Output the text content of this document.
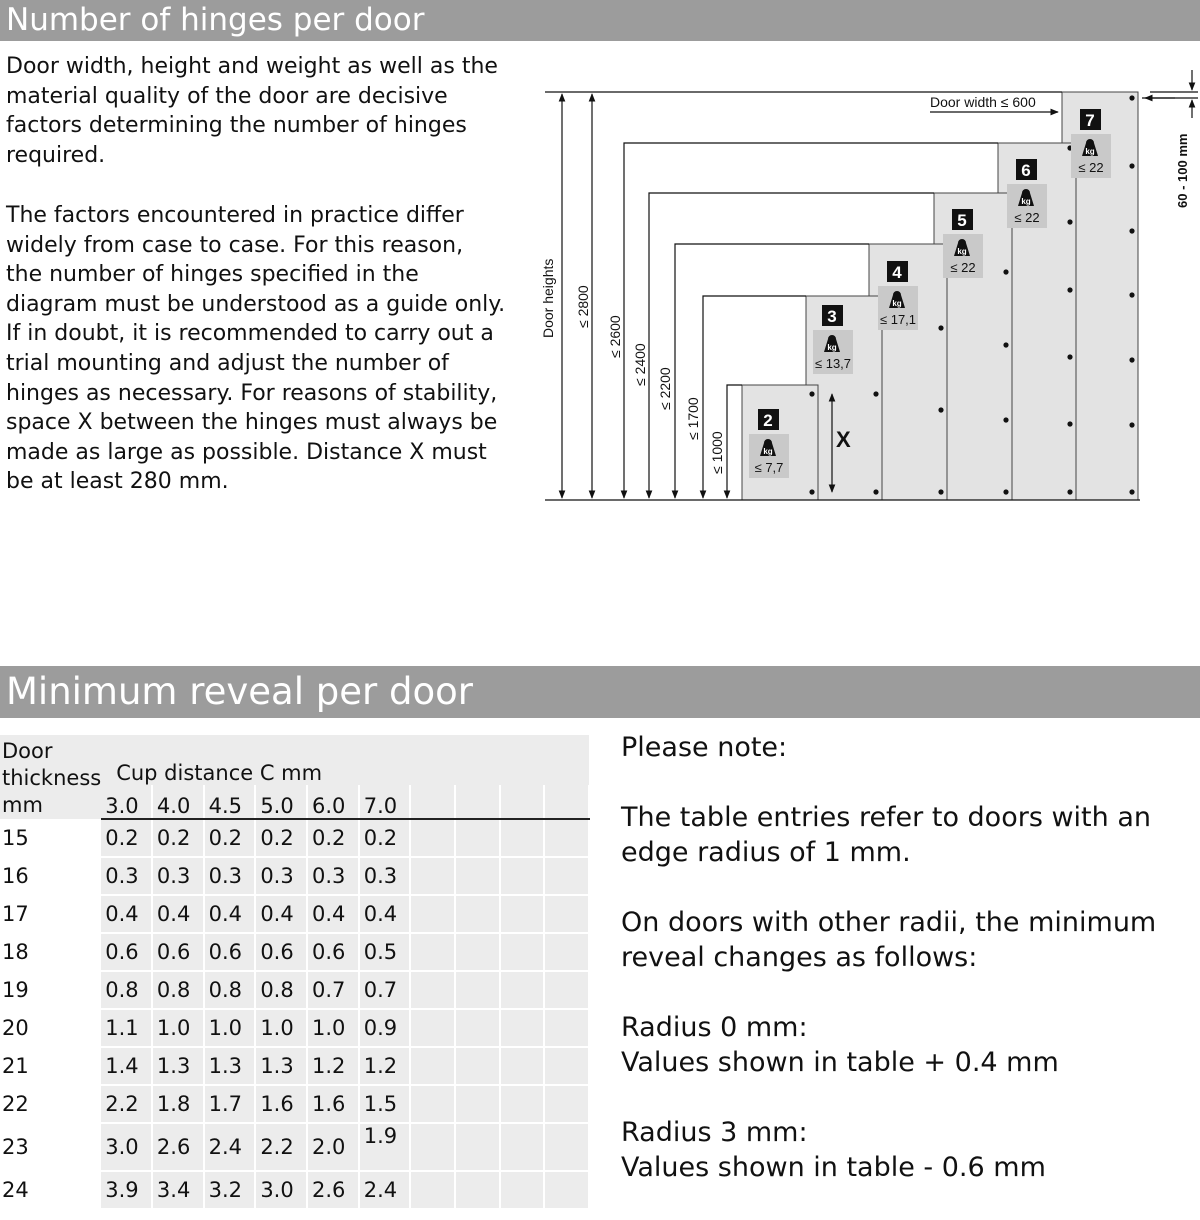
Number of hinges per door

Door width, height and weight as well as the material quality of the door are decisive factors determining the number of hinges required.

The factors encountered in practice differ widely from case to case. For this reason, the number of hinges specified in the diagram must be understood as a guide only. If in doubt, it is recommended to carry out a trial mounting and adjust the number of hinges as necessary. For reasons of stability, space X between the hinges must always be made as large as possible. Distance X must be at least 280 mm.

Door heights
Door width ≤ 600
60 - 100 mm
X
2
kg
≤ 7,7
3
kg
≤ 13,7
4
kg
≤ 17,1
5
kg
≤ 22
6
kg
≤ 22
7
kg
≤ 22
≤ 2800
≤ 2600
≤ 2400
≤ 2200
≤ 1700
≤ 1000
Minimum reveal per door
Door
thickness
mm	Cup distance C mm									
	3.0	4.0	4.5	5.0	6.0	7.0				
15	0.2	0.2	0.2	0.2	0.2	0.2				
16	0.3	0.3	0.3	0.3	0.3	0.3				
17	0.4	0.4	0.4	0.4	0.4	0.4				
18	0.6	0.6	0.6	0.6	0.6	0.5				
19	0.8	0.8	0.8	0.8	0.7	0.7				
20	1.1	1.0	1.0	1.0	1.0	0.9				
21	1.4	1.3	1.3	1.3	1.2	1.2				
22	2.2	1.8	1.7	1.6	1.6	1.5				
23	3.0	2.6	2.4	2.2	2.0	1.9				
24	3.9	3.4	3.2	3.0	2.6	2.4				

Please note:

The table entries refer to doors with an edge radius of 1 mm.

On doors with other radii, the minimum reveal changes as follows:

Radius 0 mm:
Values shown in table + 0.4 mm

Radius 3 mm:
Values shown in table - 0.6 mm
